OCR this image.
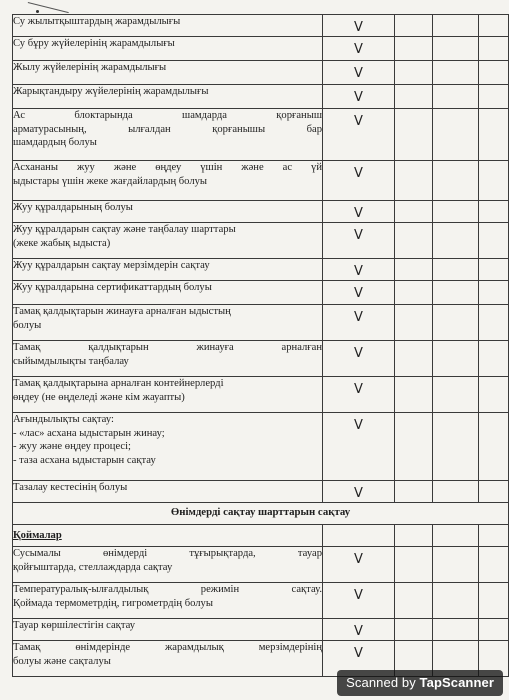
Су жылытқыштардың жарамдылығы	V			

Су бұру жүйелерінің жарамдылығы	V			

Жылу жүйелерінің жарамдылығы	V			

Жарықтандыру жүйелерінің жарамдылығы	V			

Ас блоктарында шамдарда қорғаныш
арматурасының, ылғалдан қорғанышы бар
шамдардың болуы	V			

Асхананы жуу және өңдеу үшін және ас үй
ыдыстары үшін жеке жағдайлардың болуы	V			

Жуу құралдарының болуы	V			

Жуу құралдарын сақтау және таңбалау шарттары
(жеке жабық ыдыста)	V			

Жуу құралдарын сақтау мерзімдерін сақтау	V			

Жуу құралдарына сертификаттардың болуы	V			

Тамақ қалдықтарын жинауға арналған ыдыстың
болуы	V			

Тамақ қалдықтарын жинауға арналған
сыйымдылықты таңбалау	V			

Тамақ қалдықтарына арналған контейнерлерді
өңдеу (не өңделеді және кім жауапты)	V			

Ағындылықты сақтау:
- «лас» асхана ыдыстарын жинау;
- жуу және өңдеу процесі;
- таза асхана ыдыстарын сақтау	V			

Тазалау кестесінің болуы	V			

Өнімдерді сақтау шарттарын сақтау				

Қоймалар				

Сусымалы өнімдерді тұғырықтарда, тауар
қойғыштарда, стеллаждарда сақтау	V			

Температуралық-ылғалдылық режимін сақтау.
Қоймада термометрдің, гигрометрдің болуы	V			

Тауар көршілестігін сақтау	V			

Тамақ өнімдерінде жарамдылық мерзімдерінің
болуы және сақталуы	V			
Scanned by TapScanner
